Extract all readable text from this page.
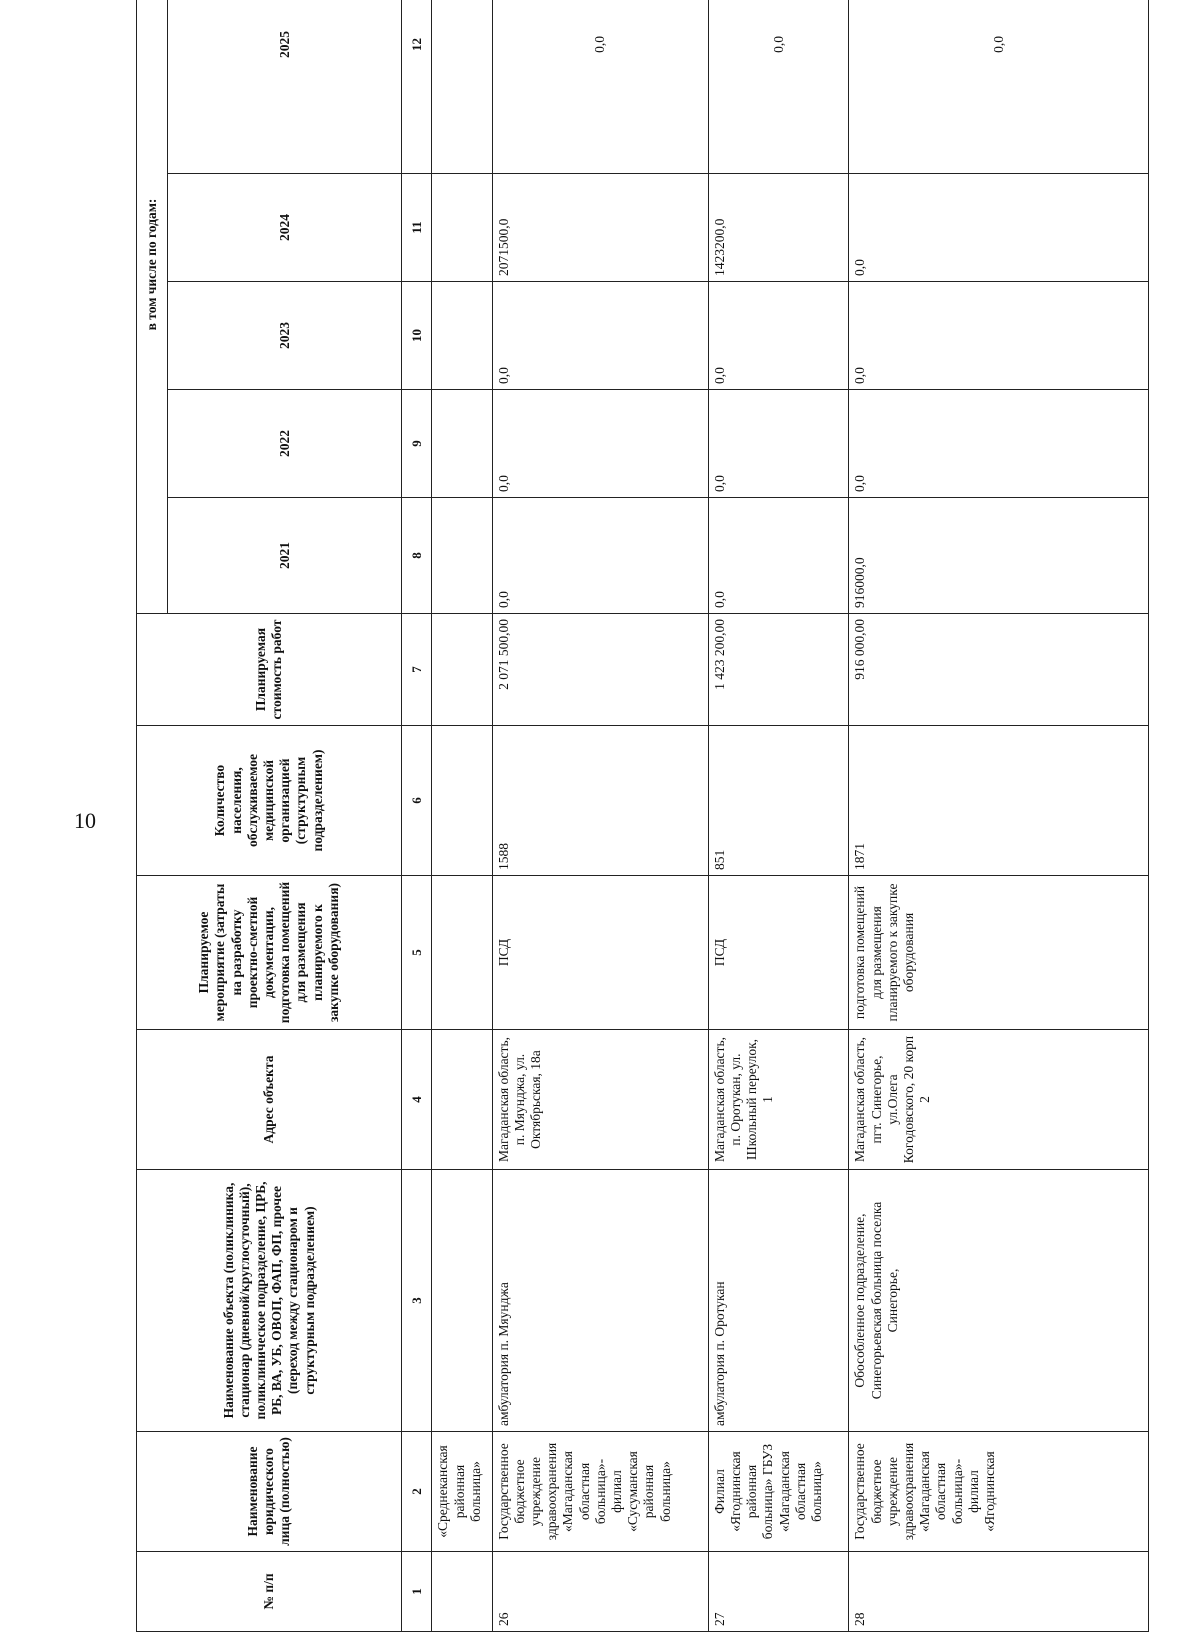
10
№ п/п	Наименование юридического лица (полностью)	Наименование объекта (поликлиника, стационар (дневной/круглосуточный), поликлиническое подразделение, ЦРБ, РБ, ВА, УБ, ОВОП, ФАП, ФП, прочее (переход между стационаром и структурным подразделением)	Адрес объекта	Планируемое мероприятие (затраты на разработку проектно-сметной документации, подготовка помещений для размещения планируемого к закупке оборудования)	Количество населения, обслуживаемое медицинской организацией (структурным подразделением)	Планируемая стоимость работ	в том числе по годам:				
							2021	2022	2023	2024	2025
1	2	3	4	5	6	7	8	9	10	11	12
	«Среднеканская районная больница»										
26	Государственное бюджетное учреждение здравоохранения «Магаданская областная больница»- филиал «Сусуманская районная больница»	амбулатория п. Мяунджа	Магаданская область, п. Мяунджа, ул. Октябрьская, 18а	ПСД	1588	2 071 500,00	0,0	0,0	0,0	2071500,0	0,0
27	Филиал «Ягоднинская районная больница» ГБУЗ «Магаданская областная больница»	амбулатория п. Оротукан	Магаданская область, п. Оротукан, ул. Школьный переулок, 1	ПСД	851	1 423 200,00	0,0	0,0	0,0	1423200,0	0,0
28	Государственное бюджетное учреждение здравоохранения «Магаданская областная больница»- филиал «Ягоднинская	Обособленное подразделение, Синегорьевская больница поселка Синегорье,	Магаданская область, пгт. Синегорье, ул.Олега Когодовского, 20 корп 2	подготовка помещений для размещения планируемого к закупке оборудования	1871	916 000,00	916000,0	0,0	0,0	0,0	0,0
